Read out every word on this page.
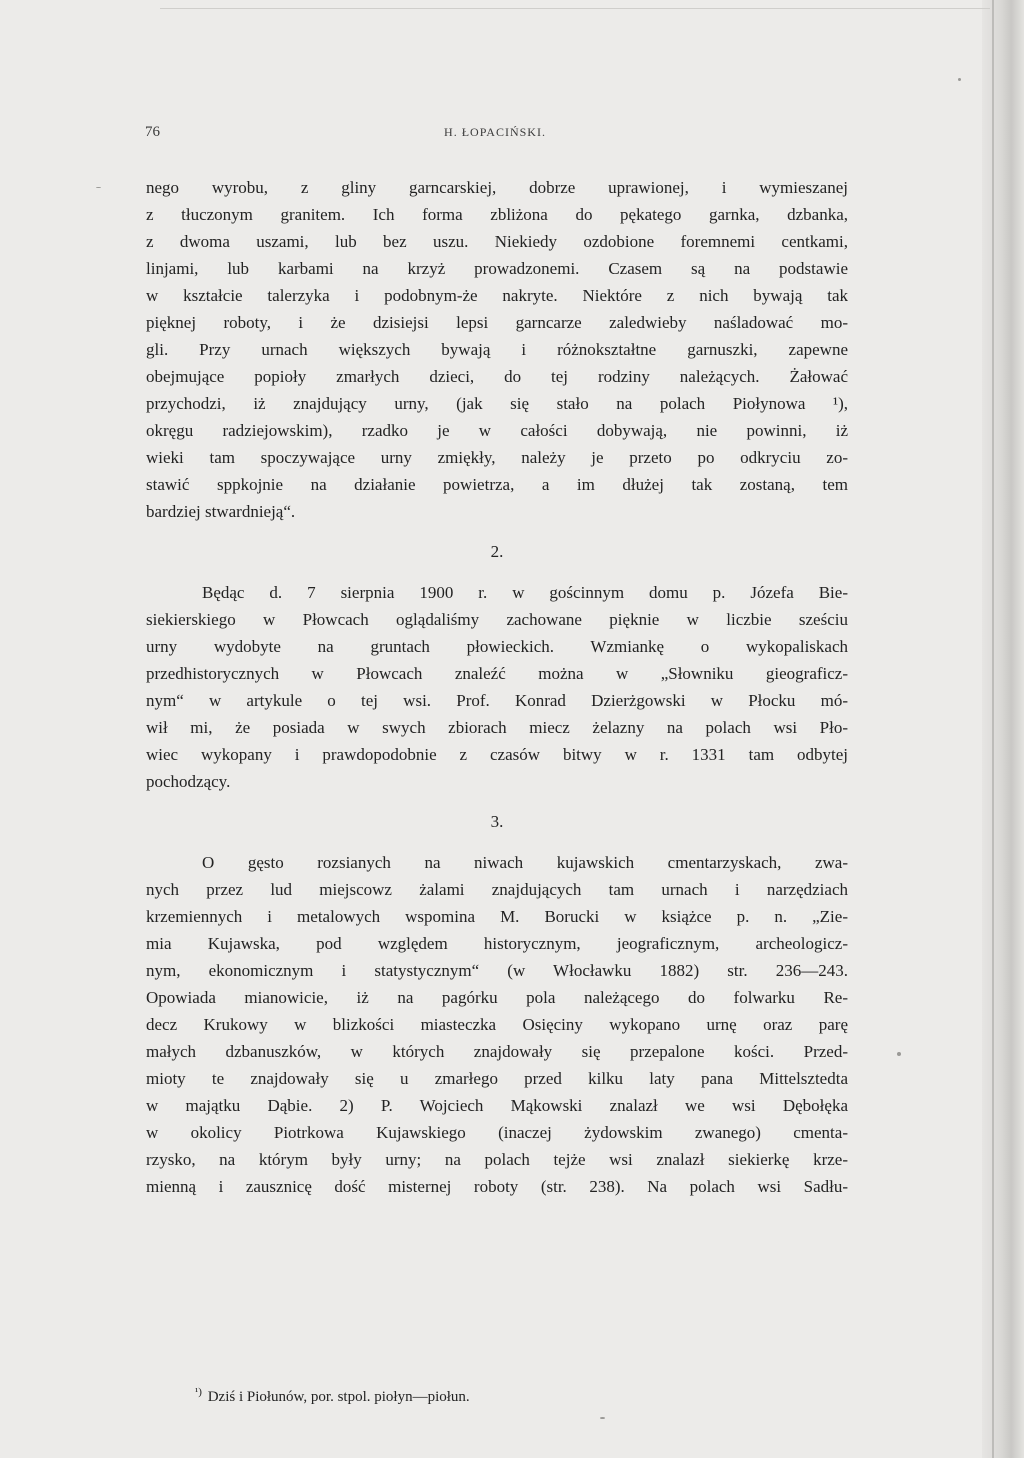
76	H. ŁOPACIŃSKI.
nego wyrobu, z gliny garncarskiej, dobrze uprawionej, i wymieszanej
z tłuczonym granitem. Ich forma zbliżona do pękatego garnka, dzbanka,
z dwoma uszami, lub bez uszu. Niekiedy ozdobione foremnemi centkami,
linjami, lub karbami na krzyż prowadzonemi. Czasem są na podstawie
w kształcie talerzyka i podobnym-że nakryte. Niektóre z nich bywają tak
pięknej roboty, i że dzisiejsi lepsi garncarze zaledwieby naśladować mo-
gli. Przy urnach większych bywają i różnokształtne garnuszki, zapewne
obejmujące popioły zmarłych dzieci, do tej rodziny należących. Żałować
przychodzi, iż znajdujący urny, (jak się stało na polach Piołynowa ¹),
okręgu radziejowskim), rzadko je w całości dobywają, nie powinni, iż
wieki tam spoczywające urny zmiękły, należy je przeto po odkryciu zo-
stawić sppkojnie na działanie powietrza, a im dłużej tak zostaną, tem
bardziej stwardnieją“.
2.
Będąc d. 7 sierpnia 1900 r. w gościnnym domu p. Józefa Bie-
siekierskiego w Płowcach oglądaliśmy zachowane pięknie w liczbie sześciu
urny wydobyte na gruntach płowieckich. Wzmiankę o wykopaliskach
przedhistorycznych w Płowcach znaleźć można w „Słowniku gieograficz-
nym“ w artykule o tej wsi. Prof. Konrad Dzierżgowski w Płocku mó-
wił mi, że posiada w swych zbiorach miecz żelazny na polach wsi Pło-
wiec wykopany i prawdopodobnie z czasów bitwy w r. 1331 tam odbytej
pochodzący.
3.
O gęsto rozsianych na niwach kujawskich cmentarzyskach, zwa-
nych przez lud miejscowz żalami znajdujących tam urnach i narzędziach
krzemiennych i metalowych wspomina M. Borucki w książce p. n. „Zie-
mia Kujawska, pod względem historycznym, jeograficznym, archeologicz-
nym, ekonomicznym i statystycznym“ (w Włocławku 1882) str. 236—243.
Opowiada mianowicie, iż na pagórku pola należącego do folwarku Re-
decz Krukowy w blizkości miasteczka Osięciny wykopano urnę oraz parę
małych dzbanuszków, w których znajdowały się przepalone kości. Przed-
mioty te znajdowały się u zmarłego przed kilku laty pana Mittelsztedta
w majątku Dąbie. 2) P. Wojciech Mąkowski znalazł we wsi Dębołęka
w okolicy Piotrkowa Kujawskiego (inaczej żydowskim zwanego) cmenta-
rzysko, na którym były urny; na polach tejże wsi znalazł siekierkę krze-
mienną i zausznicę dość misternej roboty (str. 238). Na polach wsi Sadłu-
$^{^1)}$ Dziś i Piołunów, por. stpol. piołyn—piołun.
